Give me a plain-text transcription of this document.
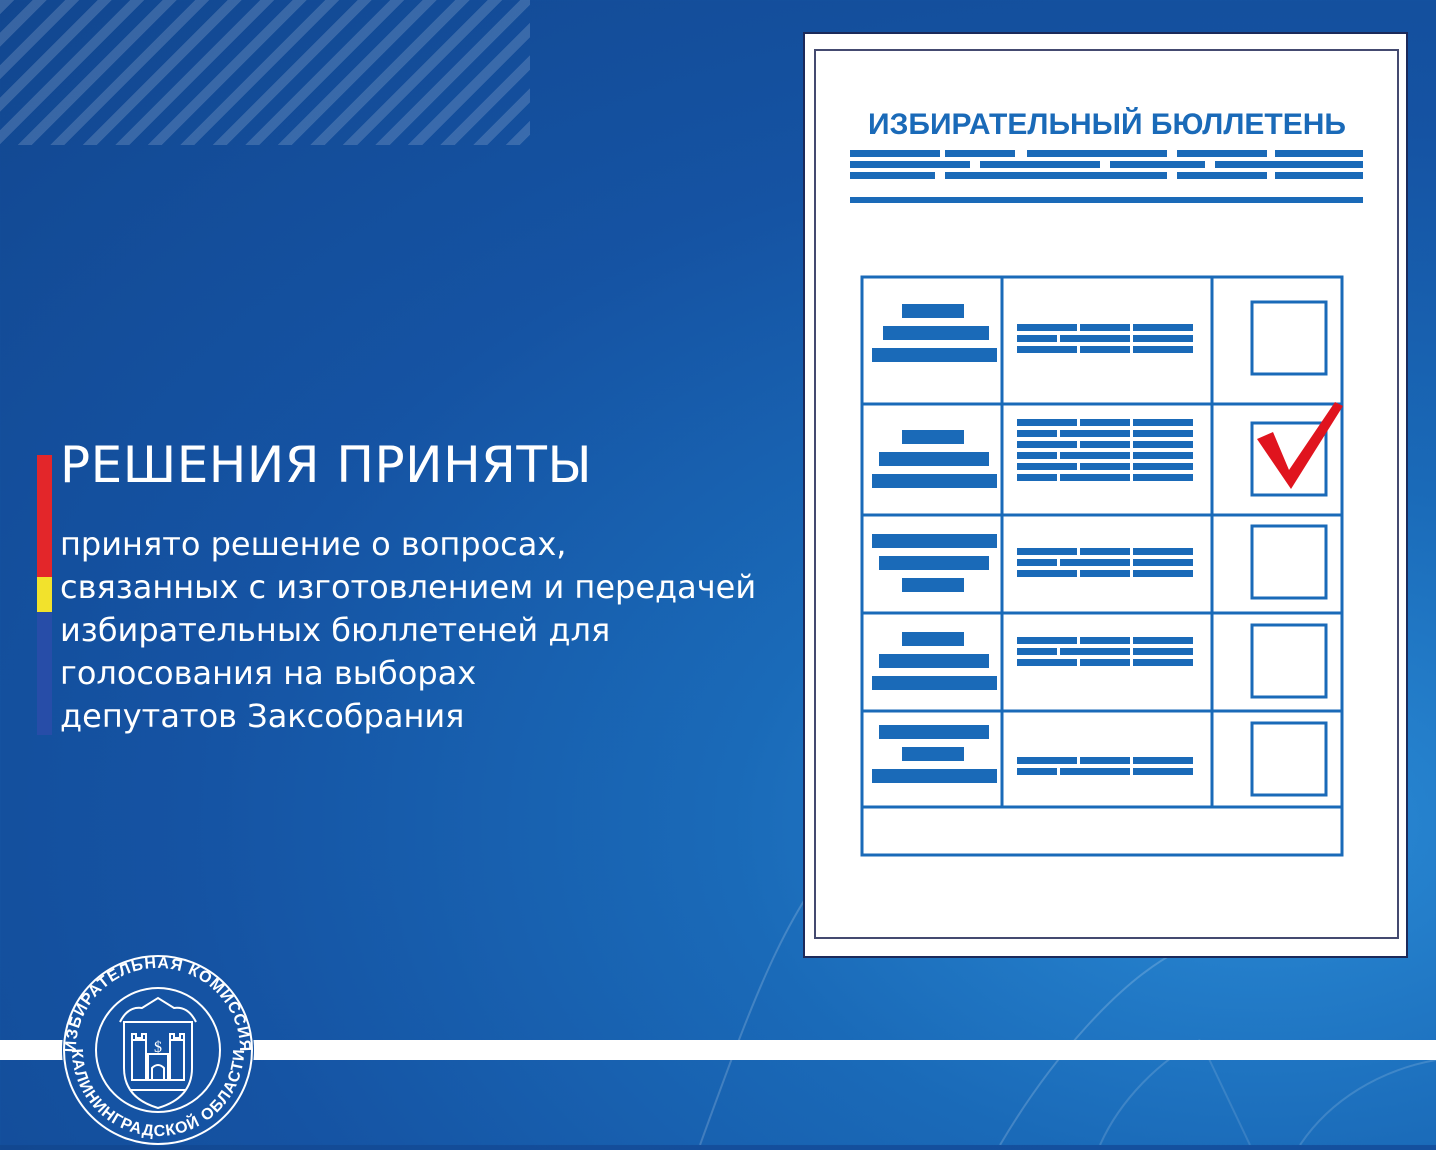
РЕШЕНИЯ ПРИНЯТЫ
принято решение о вопросах,
связанных с изготовлением и передачей
избирательных бюллетеней для
голосования на выборах
депутатов Заксобрания
ИЗБИРАТЕЛЬНЫЙ БЮЛЛЕТЕНЬ
ИЗБИРАТЕЛЬНАЯ КОМИССИЯ
КАЛИНИНГРАДСКОЙ ОБЛАСТИ
$
